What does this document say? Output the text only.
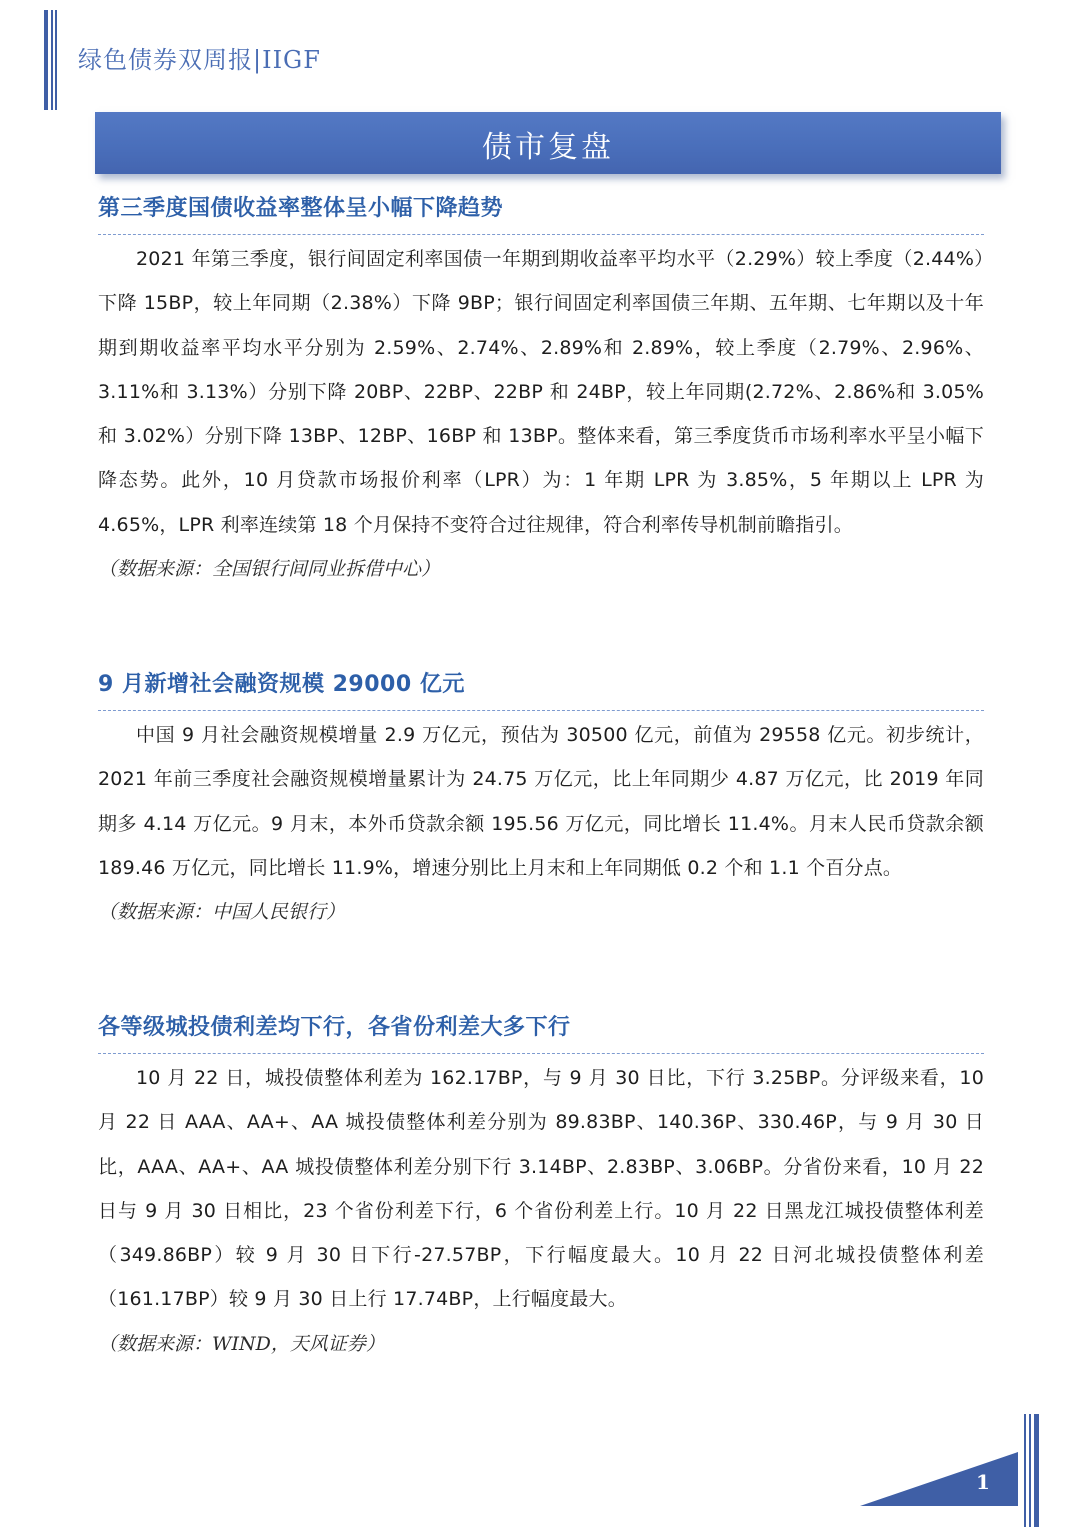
绿色债券双周报|IIGF
债市复盘
第三季度国债收益率整体呈小幅下降趋势
2021 年第三季度，银行间固定利率国债一年期到期收益率平均水平（2.29%）较上季度（2.44%）下降 15BP，较上年同期（2.38%）下降 9BP；银行间固定利率国债三年期、五年期、七年期以及十年期到期收益率平均水平分别为 2.59%、2.74%、2.89%和 2.89%，较上季度（2.79%、2.96%、3.11%和 3.13%）分别下降 20BP、22BP、22BP 和 24BP，较上年同期(2.72%、2.86%和 3.05%和 3.02%）分别下降 13BP、12BP、16BP 和 13BP。整体来看，第三季度货币市场利率水平呈小幅下降态势。此外，10 月贷款市场报价利率（LPR）为：1 年期 LPR 为 3.85%，5 年期以上 LPR 为 4.65%，LPR 利率连续第 18 个月保持不变符合过往规律，符合利率传导机制前瞻指引。
（数据来源：全国银行间同业拆借中心）
9 月新增社会融资规模 29000 亿元
中国 9 月社会融资规模增量 2.9 万亿元，预估为 30500 亿元，前值为 29558 亿元。初步统计，2021 年前三季度社会融资规模增量累计为 24.75 万亿元，比上年同期少 4.87 万亿元，比 2019 年同期多 4.14 万亿元。9 月末，本外币贷款余额 195.56 万亿元，同比增长 11.4%。月末人民币贷款余额 189.46 万亿元，同比增长 11.9%，增速分别比上月末和上年同期低 0.2 个和 1.1 个百分点。
（数据来源：中国人民银行）
各等级城投债利差均下行，各省份利差大多下行
10 月 22 日，城投债整体利差为 162.17BP，与 9 月 30 日比，下行 3.25BP。分评级来看，10 月 22 日 AAA、AA+、AA 城投债整体利差分别为 89.83BP、140.36P、330.46P，与 9 月 30 日比，AAA、AA+、AA 城投债整体利差分别下行 3.14BP、2.83BP、3.06BP。分省份来看，10 月 22 日与 9 月 30 日相比，23 个省份利差下行，6 个省份利差上行。10 月 22 日黑龙江城投债整体利差（349.86BP）较 9 月 30 日下行-27.57BP，下行幅度最大。10 月 22 日河北城投债整体利差（161.17BP）较 9 月 30 日上行 17.74BP，上行幅度最大。
（数据来源：WIND，天风证券）
1
